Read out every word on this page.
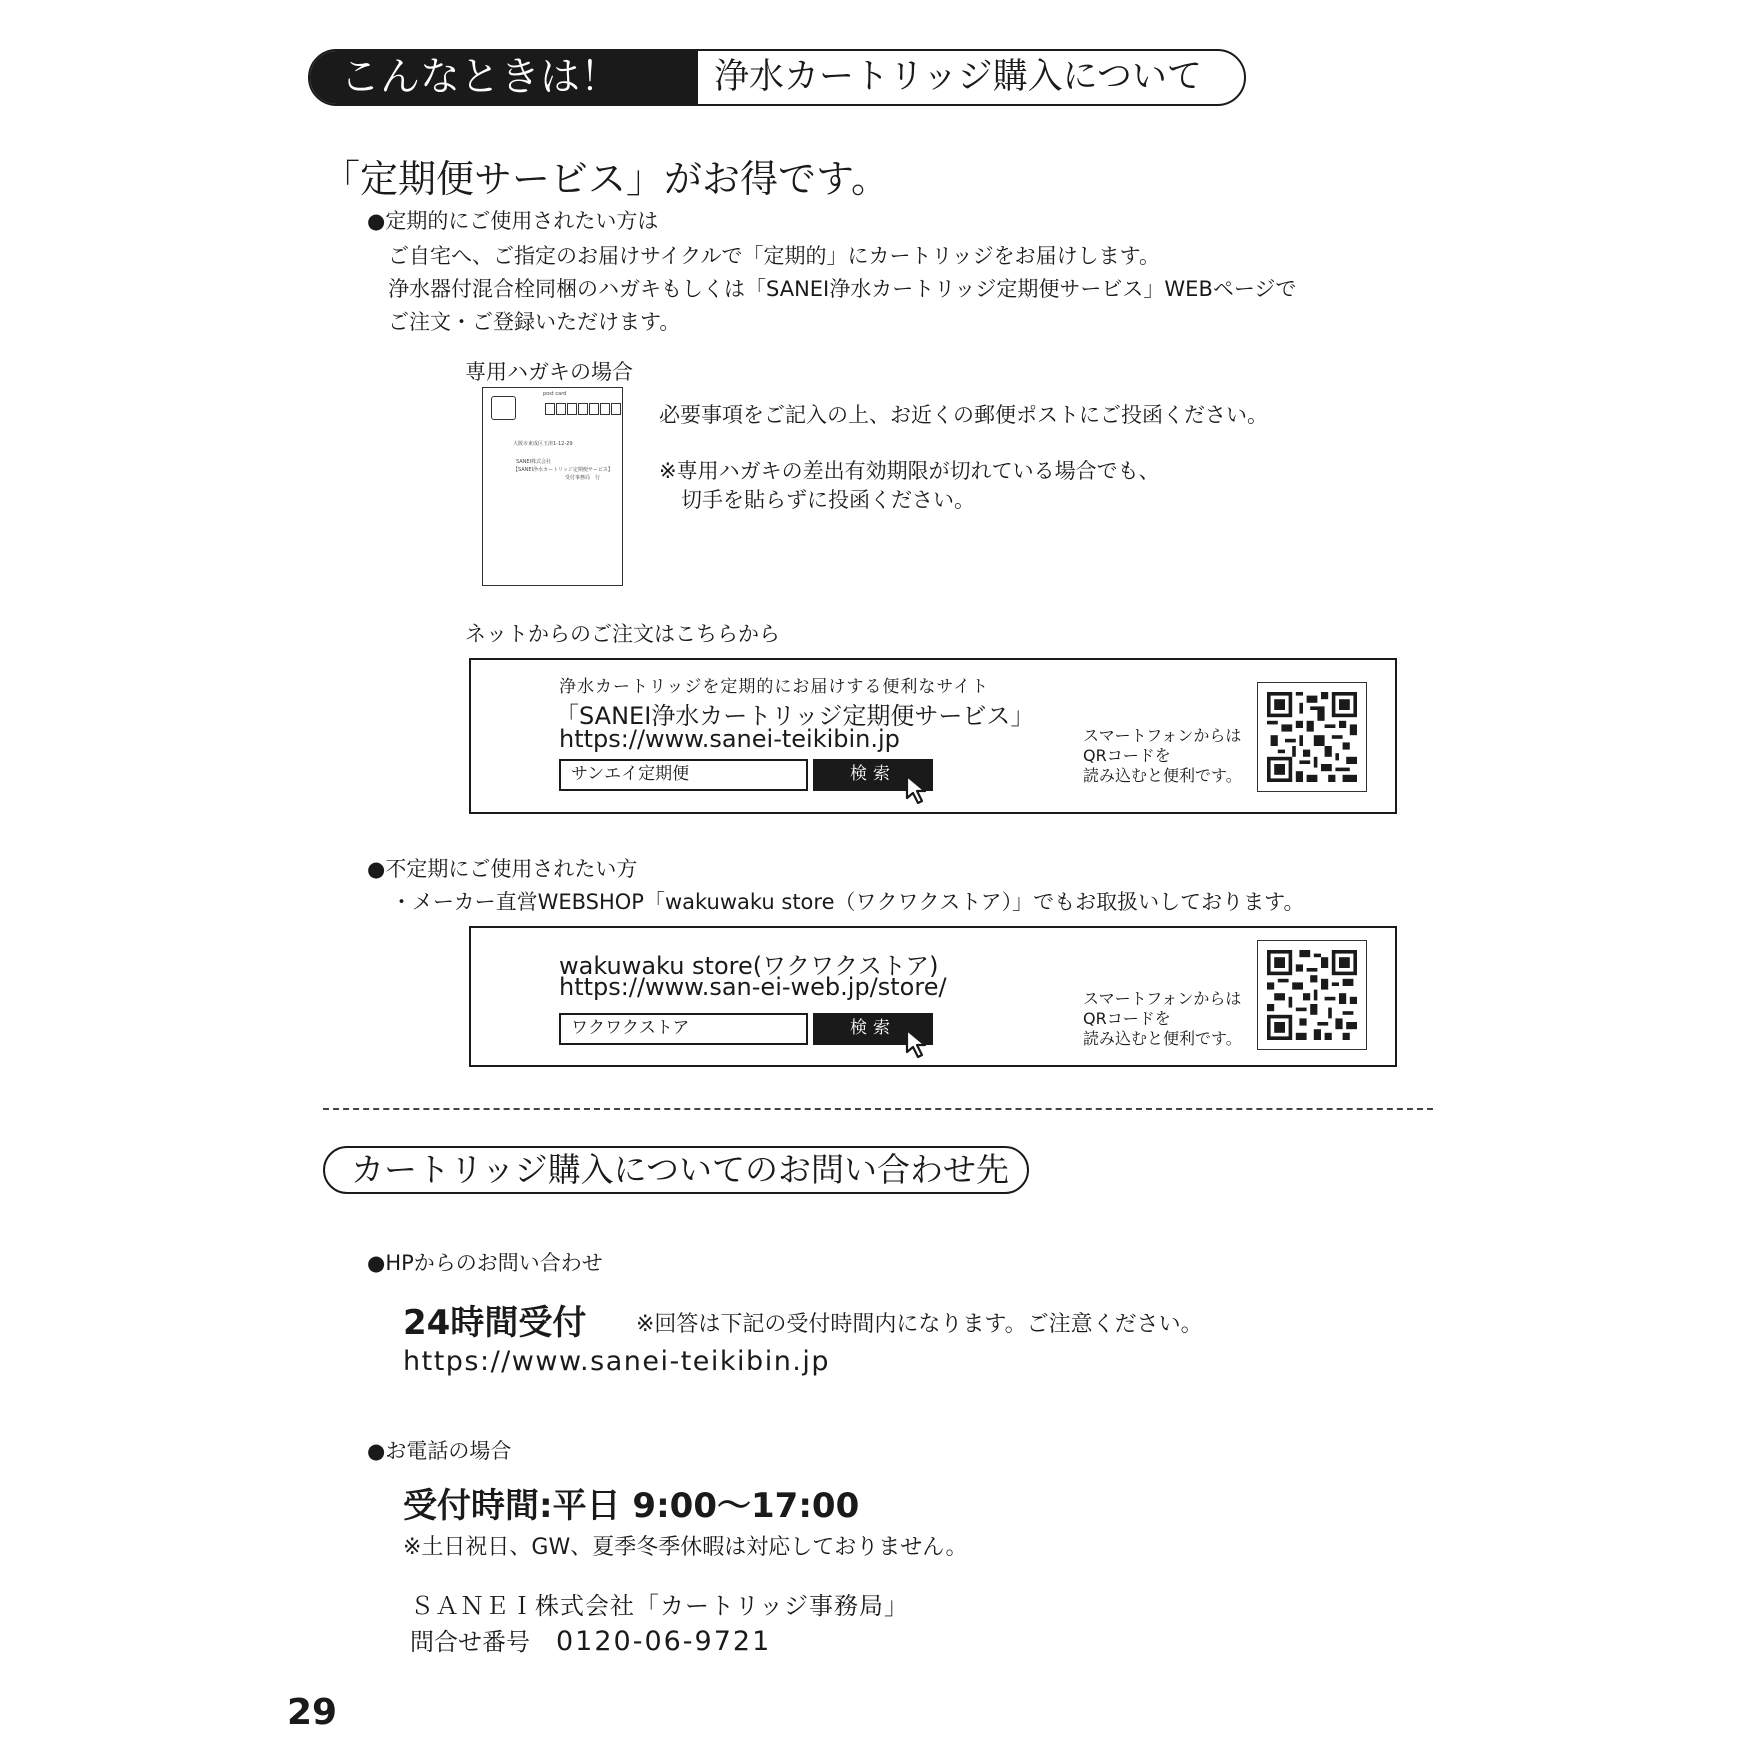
こんなときは！	浄水カートリッジ購入について
「定期便サービス」がお得です。
●定期的にご使用されたい方は
ご自宅へ、ご指定のお届けサイクルで「定期的」にカートリッジをお届けします。
浄水器付混合栓同梱のハガキもしくは「SANEI浄水カートリッジ定期便サービス」WEBページで
ご注文・ご登録いただけます。
専用ハガキの場合
post card
大阪市東成区玉津1-12-29
SANEI株式会社
【SANEI浄水カートリッジ定期便サービス】
受付事務局　行
必要事項をご記入の上、お近くの郵便ポストにご投函ください。
※専用ハガキの差出有効期限が切れている場合でも、
切手を貼らずに投函ください。
ネットからのご注文はこちらから
浄水カートリッジを定期的にお届けする便利なサイト
「SANEI浄水カートリッジ定期便サービス」
https://www.sanei-teikibin.jp
サンエイ定期便	検索
スマートフォンからは
QRコードを
読み込むと便利です。
●不定期にご使用されたい方
・メーカー直営WEBSHOP「wakuwaku store（ワクワクストア）」でもお取扱いしております。
wakuwaku store(ワクワクストア)
https://www.san-ei-web.jp/store/
ワクワクストア	検索
スマートフォンからは
QRコードを
読み込むと便利です。
カートリッジ購入についてのお問い合わせ先
●HPからのお問い合わせ
24時間受付 ※回答は下記の受付時間内になります。ご注意ください。
https://www.sanei-teikibin.jp
●お電話の場合
受付時間:平日 9:00～17:00
※土日祝日、GW、夏季冬季休暇は対応しておりません。
ＳＡＮＥＩ株式会社「カートリッジ事務局」
問合せ番号 0120-06-9721
29
